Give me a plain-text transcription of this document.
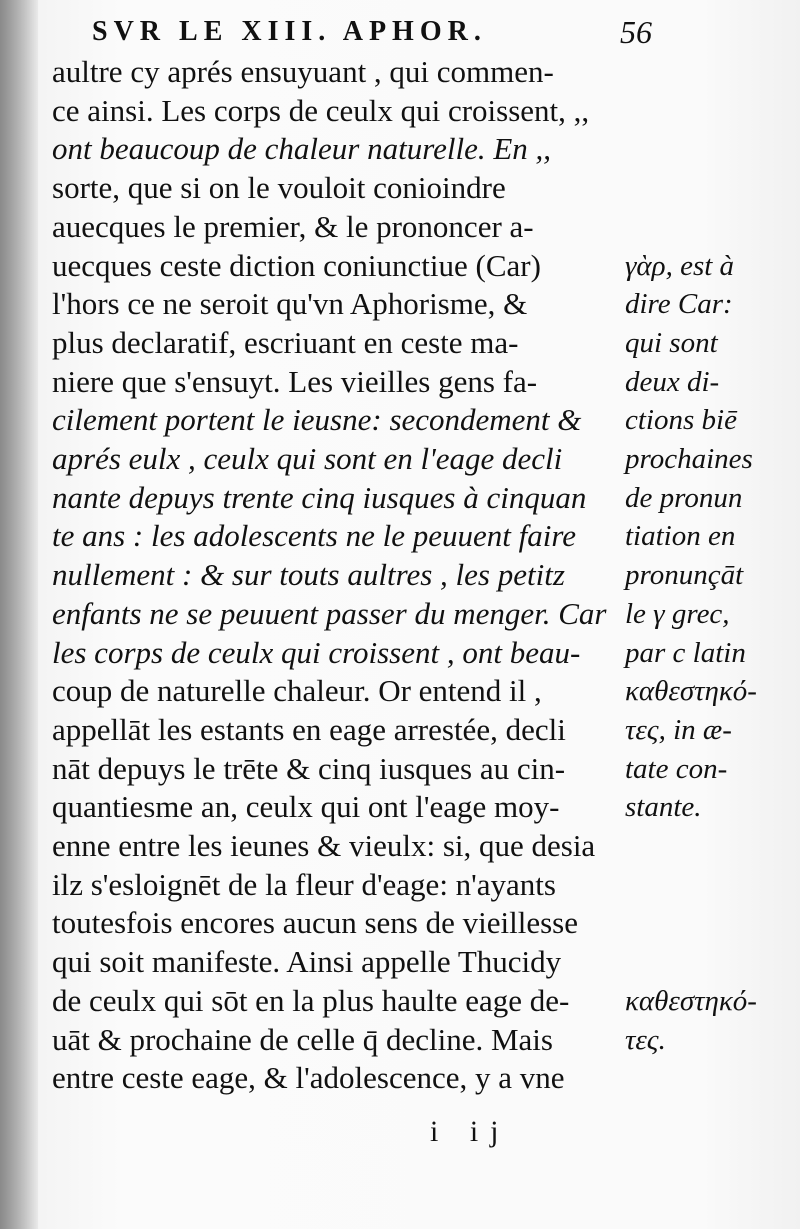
SVR LE XIII. APHOR.	56
aultre cy aprés ensuyuant , qui commen-
ce ainsi. Les corps de ceulx qui croissent, ,,
ont beaucoup de chaleur naturelle. En ,,
sorte, que si on le vouloit conioindre
auecques le premier, & le prononcer a-
uecques ceste diction coniunctiue (Car)
l'hors ce ne seroit qu'vn Aphorisme, &
plus declaratif, escriuant en ceste ma-
niere que s'ensuyt. Les vieilles gens fa-
cilement portent le ieusne: secondement &
aprés eulx , ceulx qui sont en l'eage decli
nante depuys trente cinq iusques à cinquan
te ans : les adolescents ne le peuuent faire
nullement : & sur touts aultres , les petitz
enfants ne se peuuent passer du menger. Car
les corps de ceulx qui croissent , ont beau-
coup de naturelle chaleur. Or entend il ,
appellāt les estants en eage arrestée, decli
nāt depuys le trēte & cinq iusques au cin-
quantiesme an, ceulx qui ont l'eage moy-
enne entre les ieunes & vieulx: si, que desia
ilz s'esloignēt de la fleur d'eage: n'ayants
toutesfois encores aucun sens de vieillesse
qui soit manifeste. Ainsi appelle Thucidy
de ceulx qui sōt en la plus haulte eage de-
uāt & prochaine de celle q̄ decline. Mais
entre ceste eage, & l'adolescence, y a vne
γὰρ, est à
dire Car:
qui sont
deux di-
ctions biē
prochaines
de pronun
tiation en
pronunçāt
le γ grec,
par c latin
καθεστηκό-
τες, in æ-
tate con-
stante.
καθεστηκό-
τες.
i ij
